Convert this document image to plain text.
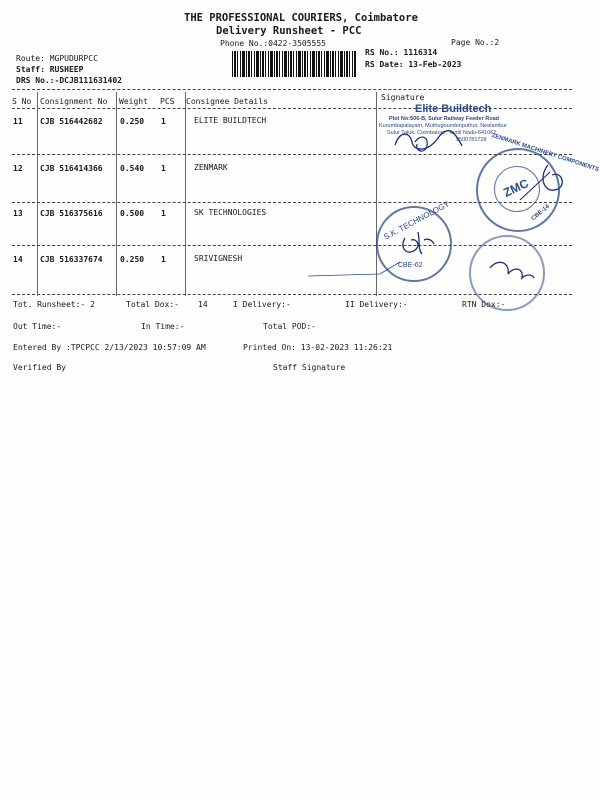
THE PROFESSIONAL COURIERS, Coimbatore
Delivery Runsheet - PCC
Phone No.:0422-3505555	Page No.:2
Route: MGPUDURPCC
Staff: RUSHEEP
DRS No.:-DCJB111631402
RS No.: 1116314
RS Date: 13-Feb-2023
S No Consignment No Weight PCS Consignee Details	Signature
11 CJB 516442682 0.250 1	ELITE BUILDTECH
12 CJB 516414366 0.540 1	ZENMARK
13 CJB 516375616 0.500 1	SK TECHNOLOGIES
14 CJB 516337674 0.250 1	SRIVIGNESH
Tot. Runsheet:- 2	Total Dox:- 14	I Delivery:-	II Delivery:-	RTN Dox:-
Out Time:-	In Time:-	Total POD:-
Entered By :TPCPCC 2/13/2023 10:57:09 AM	Printed On: 13-02-2023 11:26:21
Verified By	Staff Signature
Elite Buildtech
Plot No:506-B, Sulur Railway Feeder Road
Kurumbapalayam, Muthugoundenputhur, Neelambur
Sulur Taluk, Coimbatore, Tamil Nadu-641062
9500781728
ZMC
ZENMARK MACHINERY COMPONENTS
CBE-14
S.K. TECHNOLOGY
CBE-62
